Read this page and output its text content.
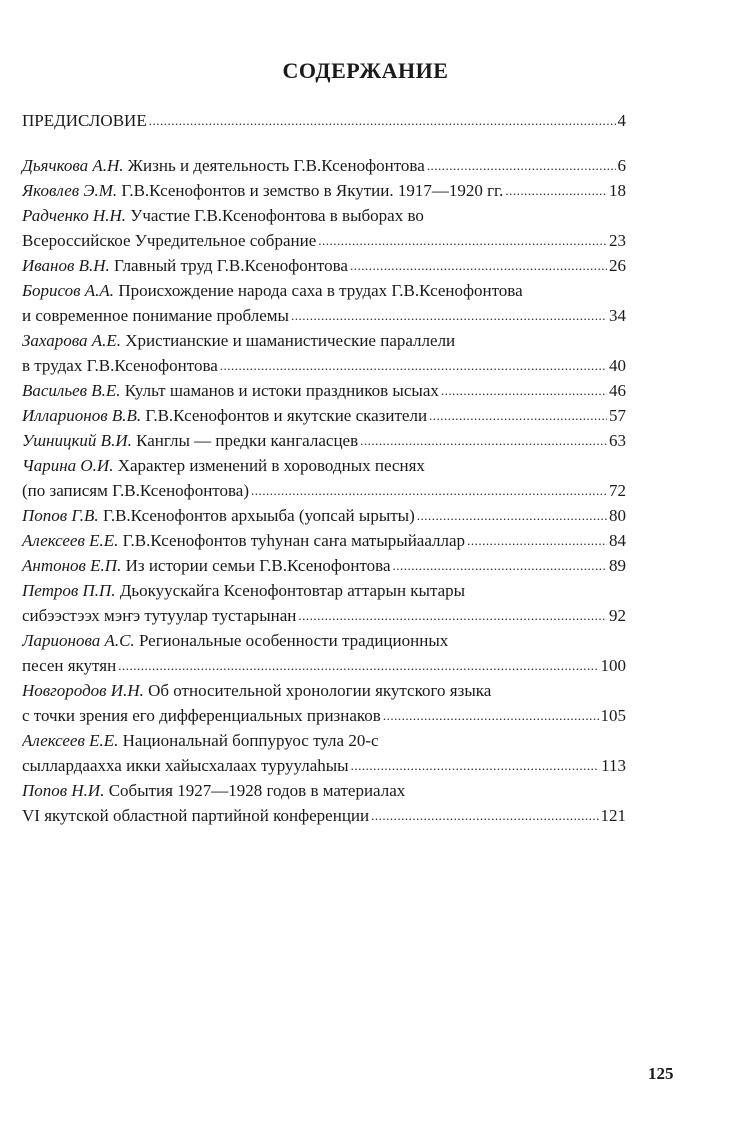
СОДЕРЖАНИЕ
ПРЕДИСЛОВИЕ .....	4
Дьячкова А.Н. Жизнь и деятельность Г.В.Ксенофонтова .....	6
Яковлев Э.М. Г.В.Ксенофонтов и земство в Якутии. 1917—1920 гг. .....	18
Радченко Н.Н. Участие Г.В.Ксенофонтова в выборах во
Всероссийское Учредительное собрание .....	23
Иванов В.Н. Главный труд Г.В.Ксенофонтова .....	26
Борисов А.А. Происхождение народа саха в трудах Г.В.Ксенофонтова
и современное понимание проблемы .....	34
Захарова А.Е. Христианские и шаманистические параллели
в трудах Г.В.Ксенофонтова .....	40
Васильев В.Е. Культ шаманов и истоки праздников ысыах .....	46
Илларионов В.В. Г.В.Ксенофонтов и якутские сказители .....	57
Ушницкий В.И. Канглы — предки кангаласцев .....	63
Чарина О.И. Характер изменений в хороводных песнях
(по записям Г.В.Ксенофонтова) .....	72
Попов Г.В. Г.В.Ксенофонтов архыыба (уопсай ырыты) .....	80
Алексеев Е.Е. Г.В.Ксенофонтов туһунан саҥа матырыйааллар .....	84
Антонов Е.П. Из истории семьи Г.В.Ксенофонтова .....	89
Петров П.П. Дьокуускайга Ксенофонтовтар аттарын кытары
сибээстээх мэҥэ тутуулар тустарынан .....	92
Ларионова А.С. Региональные особенности традиционных
песен якутян .....	100
Новгородов И.Н. Об относительной хронологии якутского языка
с точки зрения его дифференциальных признаков .....	105
Алексеев Е.Е. Национальнай боппуруос тула 20-с
сыллардаахха икки хайысхалаах туруулаһыы .....	113
Попов Н.И. События 1927—1928 годов в материалах
VI якутской областной партийной конференции .....	121
125
